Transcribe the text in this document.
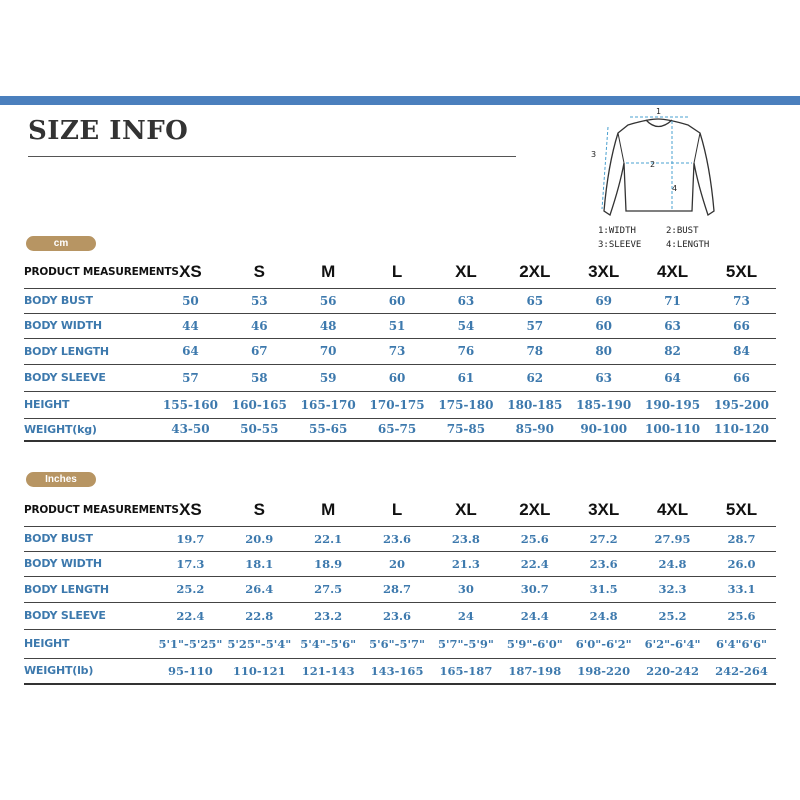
SIZE INFO
1
2
3
4
1:WIDTH	2:BUST
3:SLEEVE	4:LENGTH
cm
PRODUCT MEASUREMENTS	XS	S	M	L	XL	2XL	3XL	4XL	5XL
BODY BUST	50	53	56	60	63	65	69	71	73
BODY WIDTH	44	46	48	51	54	57	60	63	66
BODY LENGTH	64	67	70	73	76	78	80	82	84
BODY SLEEVE	57	58	59	60	61	62	63	64	66
HEIGHT	155-160	160-165	165-170	170-175	175-180	180-185	185-190	190-195	195-200
WEIGHT(kg)	43-50	50-55	55-65	65-75	75-85	85-90	90-100	100-110	110-120
Inches
PRODUCT MEASUREMENTS	XS	S	M	L	XL	2XL	3XL	4XL	5XL
BODY BUST	19.7	20.9	22.1	23.6	23.8	25.6	27.2	27.95	28.7
BODY WIDTH	17.3	18.1	18.9	20	21.3	22.4	23.6	24.8	26.0
BODY LENGTH	25.2	26.4	27.5	28.7	30	30.7	31.5	32.3	33.1
BODY SLEEVE	22.4	22.8	23.2	23.6	24	24.4	24.8	25.2	25.6
HEIGHT	5'1"-5'25"	5'25"-5'4"	5'4"-5'6"	5'6"-5'7"	5'7"-5'9"	5'9"-6'0"	6'0"-6'2"	6'2"-6'4"	6'4"6'6"
WEIGHT(lb)	95-110	110-121	121-143	143-165	165-187	187-198	198-220	220-242	242-264
